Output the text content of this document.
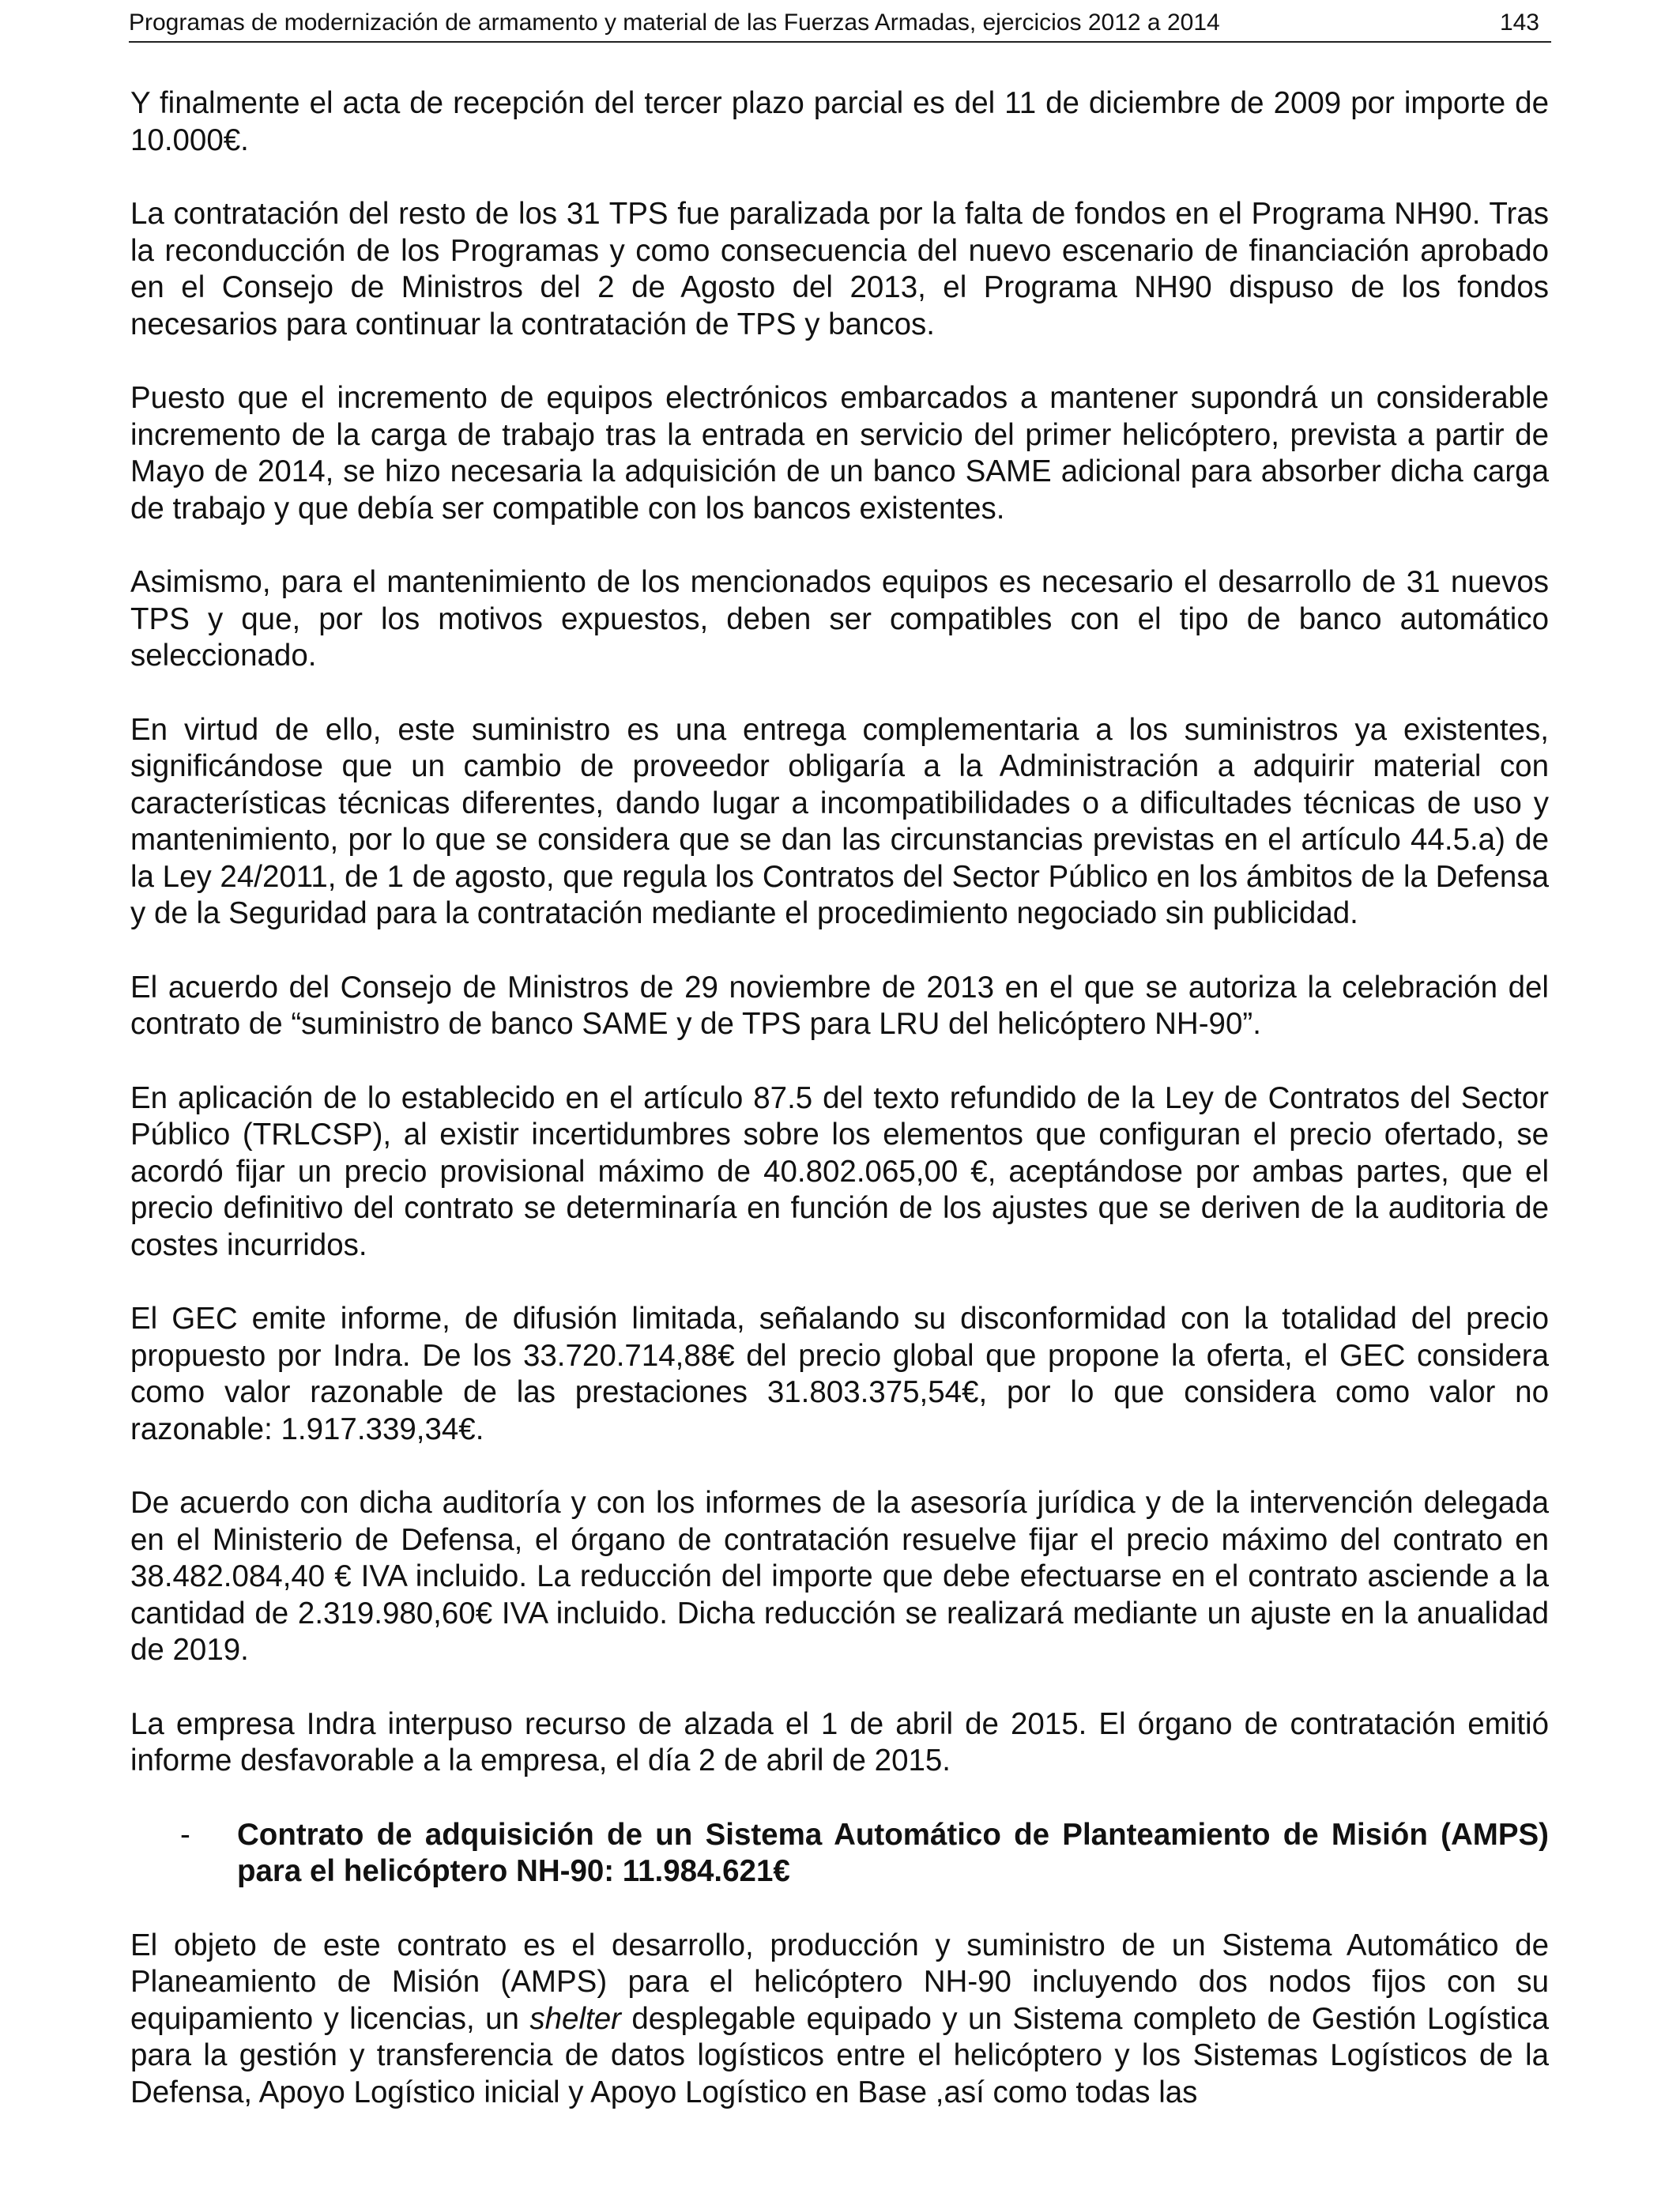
Programas de modernización de armamento y material de las Fuerzas Armadas, ejercicios 2012 a 2014	143

Y finalmente el acta de recepción del tercer plazo parcial es del 11 de diciembre de 2009 por importe de 10.000€.

La contratación del resto de los 31 TPS fue paralizada por la falta de fondos en el Programa NH90. Tras la reconducción de los Programas y como consecuencia del nuevo escenario de financiación aprobado en el Consejo de Ministros del 2 de Agosto del 2013, el Programa NH90 dispuso de los fondos necesarios para continuar la contratación de TPS y bancos.

Puesto que el incremento de equipos electrónicos embarcados a mantener supondrá un considerable incremento de la carga de trabajo tras la entrada en servicio del primer helicóptero, prevista a partir de Mayo de 2014, se hizo necesaria la adquisición de un banco SAME adicional para absorber dicha carga de trabajo y que debía ser compatible con los bancos existentes.

Asimismo, para el mantenimiento de los mencionados equipos es necesario el desarrollo de 31 nuevos TPS y que, por los motivos expuestos, deben ser compatibles con el tipo de banco automático seleccionado.

En virtud de ello, este suministro es una entrega complementaria a los suministros ya existentes, significándose que un cambio de proveedor obligaría a la Administración a adquirir material con características técnicas diferentes, dando lugar a incompatibilidades o a dificultades técnicas de uso y mantenimiento, por lo que se considera que se dan las circunstancias previstas en el artículo 44.5.a) de la Ley 24/2011, de 1 de agosto, que regula los Contratos del Sector Público en los ámbitos de la Defensa y de la Seguridad para la contratación mediante el procedimiento negociado sin publicidad.

El acuerdo del Consejo de Ministros de 29 noviembre de 2013 en el que se autoriza la celebración del contrato de “suministro de banco SAME y de TPS para LRU del helicóptero NH-90”.

En aplicación de lo establecido en el artículo 87.5 del texto refundido de la Ley de Contratos del Sector Público (TRLCSP), al existir incertidumbres sobre los elementos que configuran el precio ofertado, se acordó fijar un precio provisional máximo de 40.802.065,00 €, aceptándose por ambas partes, que el precio definitivo del contrato se determinaría en función de los ajustes que se deriven de la auditoria de costes incurridos.

El GEC emite informe, de difusión limitada, señalando su disconformidad con la totalidad del precio propuesto por Indra. De los 33.720.714,88€ del precio global que propone la oferta, el GEC considera como valor razonable de las prestaciones 31.803.375,54€, por lo que considera como valor no razonable: 1.917.339,34€.

De acuerdo con dicha auditoría y con los informes de la asesoría jurídica y de la intervención delegada en el Ministerio de Defensa, el órgano de contratación resuelve fijar el precio máximo del contrato en 38.482.084,40 € IVA incluido. La reducción del importe que debe efectuarse en el contrato asciende a la cantidad de 2.319.980,60€ IVA incluido. Dicha reducción se realizará mediante un ajuste en la anualidad de 2019.

La empresa Indra interpuso recurso de alzada el 1 de abril de 2015. El órgano de contratación emitió informe desfavorable a la empresa, el día 2 de abril de 2015.

-	Contrato de adquisición de un Sistema Automático de Planteamiento de Misión (AMPS) para el helicóptero NH-90: 11.984.621€

El objeto de este contrato es el desarrollo, producción y suministro de un Sistema Automático de Planeamiento de Misión (AMPS) para el helicóptero NH-90 incluyendo dos nodos fijos con su equipamiento y licencias, un shelter desplegable equipado y un Sistema completo de Gestión Logística para la gestión y transferencia de datos logísticos entre el helicóptero y los Sistemas Logísticos de la Defensa, Apoyo Logístico inicial y Apoyo Logístico en Base ,así como todas las
